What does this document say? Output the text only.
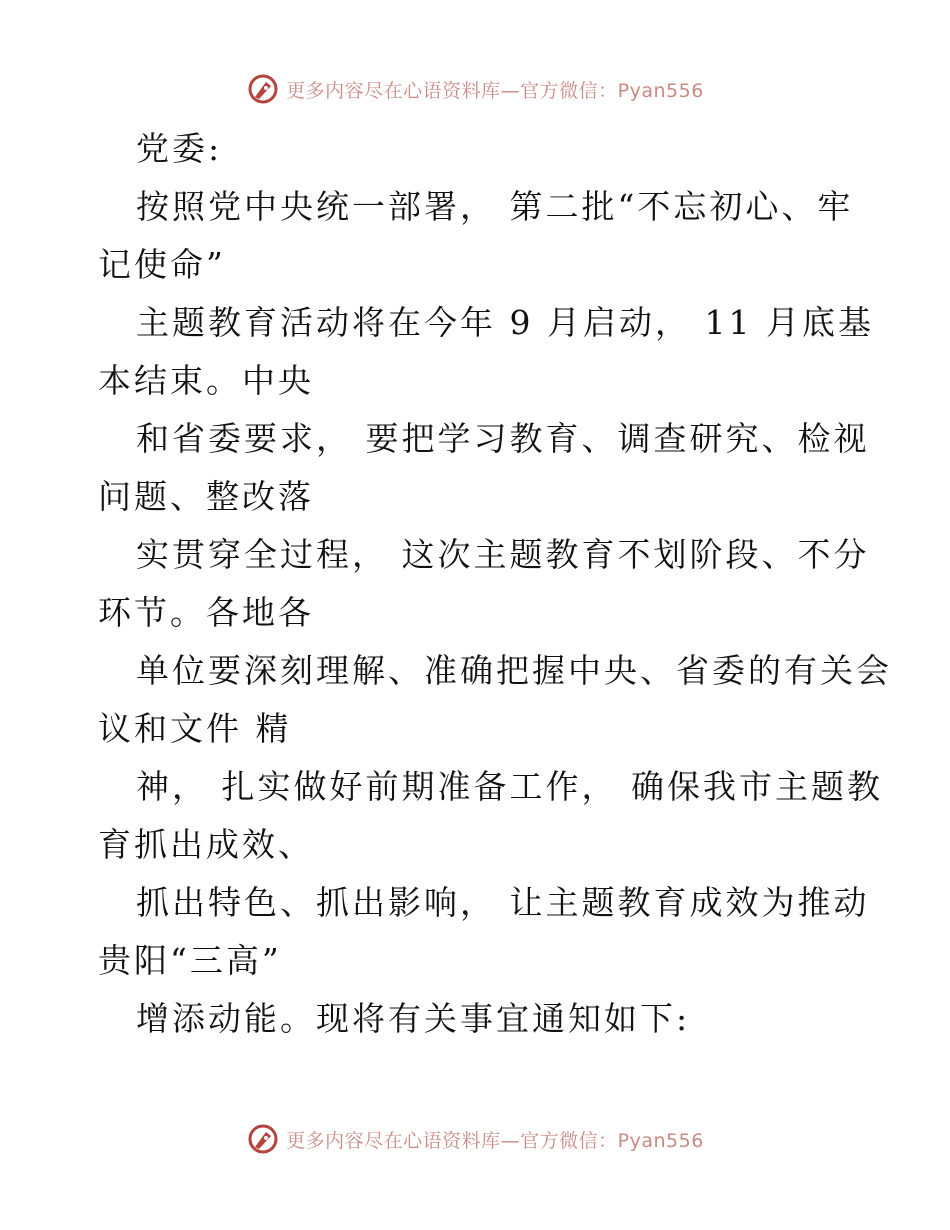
更多内容尽在心语资料库—官方微信：Pyan556
党委:
按照党中央统一部署， 第二批“不忘初心、牢
记使命”
主题教育活动将在今年 9 月启动， 11 月底基
本结束。中央
和省委要求， 要把学习教育、调查研究、检视
问题、整改落
实贯穿全过程， 这次主题教育不划阶段、不分
环节。各地各
单位要深刻理解、准确把握中央、省委的有关会
议和文件 精
神， 扎实做好前期准备工作， 确保我市主题教
育抓出成效、
抓出特色、抓出影响， 让主题教育成效为推动
贵阳“三高”
增添动能。现将有关事宜通知如下:
更多内容尽在心语资料库—官方微信：Pyan556
